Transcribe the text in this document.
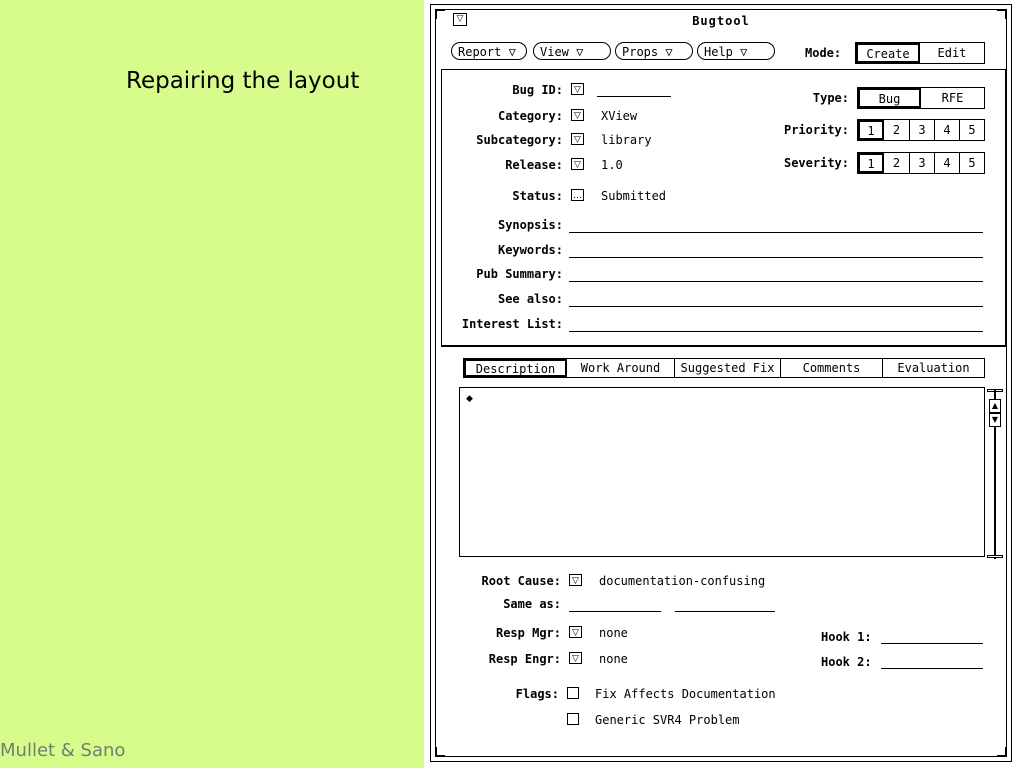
Repairing the layout
Mullet & Sano
▽	Bugtool
Report ▽	View ▽	Props ▽	Help ▽	Mode:	Create	Edit
Bug ID:	▽
Category:	▽ XView
Subcategory:	▽ library
Release:	▽ 1.0
Status: … Submitted
Type:	Bug	RFE
Priority:	1	2	3	4	5
Severity:	1	2	3	4	5
Synopsis:
Keywords:
Pub Summary:
See also:
Interest List:
Description	Work Around	Suggested Fix	Comments	Evaluation
◆
▲
▼
Root Cause:	▽ documentation-confusing
Same as:
Resp Mgr:	▽ none
Resp Engr:	▽ none
Hook 1:
Hook 2:
Flags:	Fix Affects Documentation
Generic SVR4 Problem
